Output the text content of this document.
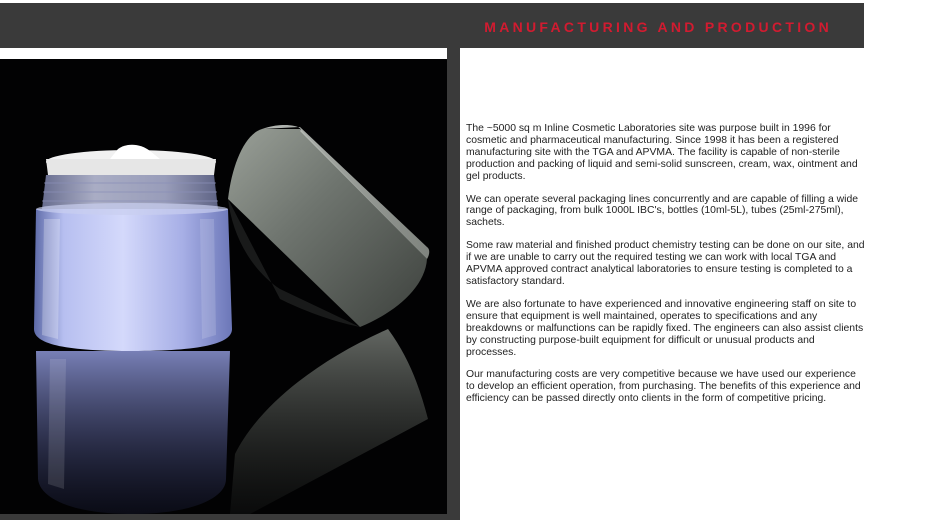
MANUFACTURING AND PRODUCTION

The ~5000 sq m Inline Cosmetic Laboratories site was purpose built in 1996 for cosmetic and pharmaceutical manufacturing. Since 1998 it has been a registered manufacturing site with the TGA and APVMA. The facility is capable of non-sterile production and packing of liquid and semi-solid sunscreen, cream, wax, ointment and gel products.

We can operate several packaging lines concurrently and are capable of filling a wide range of packaging, from bulk 1000L IBC's, bottles (10ml-5L), tubes (25ml-275ml), sachets.

Some raw material and finished product chemistry testing can be done on our site, and if we are unable to carry out the required testing we can work with local TGA and APVMA approved contract analytical laboratories to ensure testing is completed to a satisfactory standard.

We are also fortunate to have experienced and innovative engineering staff on site to ensure that equipment is well maintained, operates to specifications and any breakdowns or malfunctions can be rapidly fixed. The engineers can also assist clients by constructing purpose-built equipment for difficult or unusual products and processes.

Our manufacturing costs are very competitive because we have used our experience to develop an efficient operation, from purchasing. The benefits of this experience and efficiency can be passed directly onto clients in the form of competitive pricing.
